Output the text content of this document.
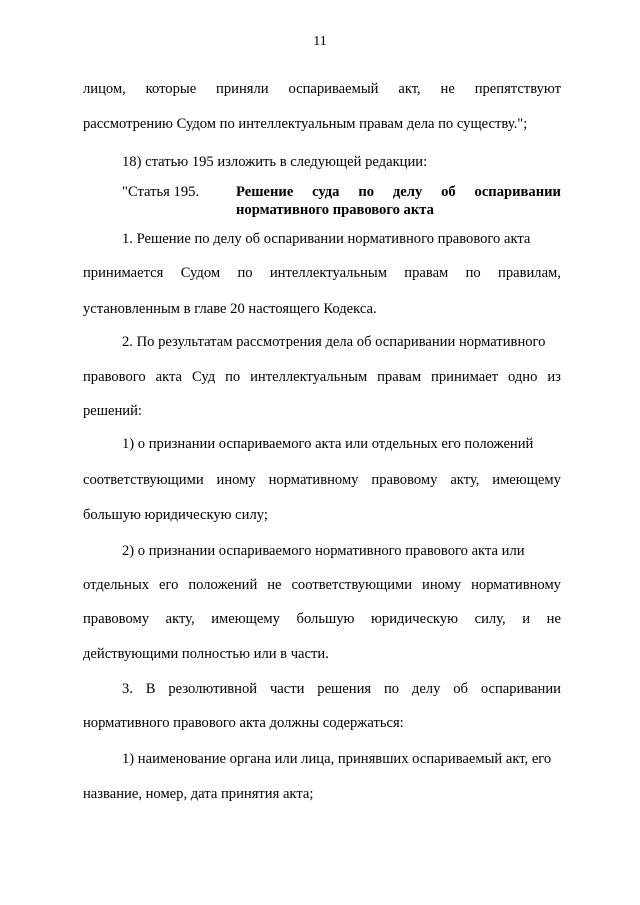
11
лицом, которые приняли оспариваемый акт, не препятствуют
рассмотрению Судом по интеллектуальным правам дела по существу.";
18) статью 195 изложить в следующей редакции:
"Статья 195.	Решение суда по делу об оспаривании
нормативного правового акта
1. Решение по делу об оспаривании нормативного правового акта
принимается Судом по интеллектуальным правам по правилам,
установленным в главе 20 настоящего Кодекса.
2. По результатам рассмотрения дела об оспаривании нормативного
правового акта Суд по интеллектуальным правам принимает одно из
решений:
1) о признании оспариваемого акта или отдельных его положений
соответствующими иному нормативному правовому акту, имеющему
большую юридическую силу;
2) о признании оспариваемого нормативного правового акта или
отдельных его положений не соответствующими иному нормативному
правовому акту, имеющему большую юридическую силу, и не
действующими полностью или в части.
3. В резолютивной части решения по делу об оспаривании
нормативного правового акта должны содержаться:
1) наименование органа или лица, принявших оспариваемый акт, его
название, номер, дата принятия акта;
